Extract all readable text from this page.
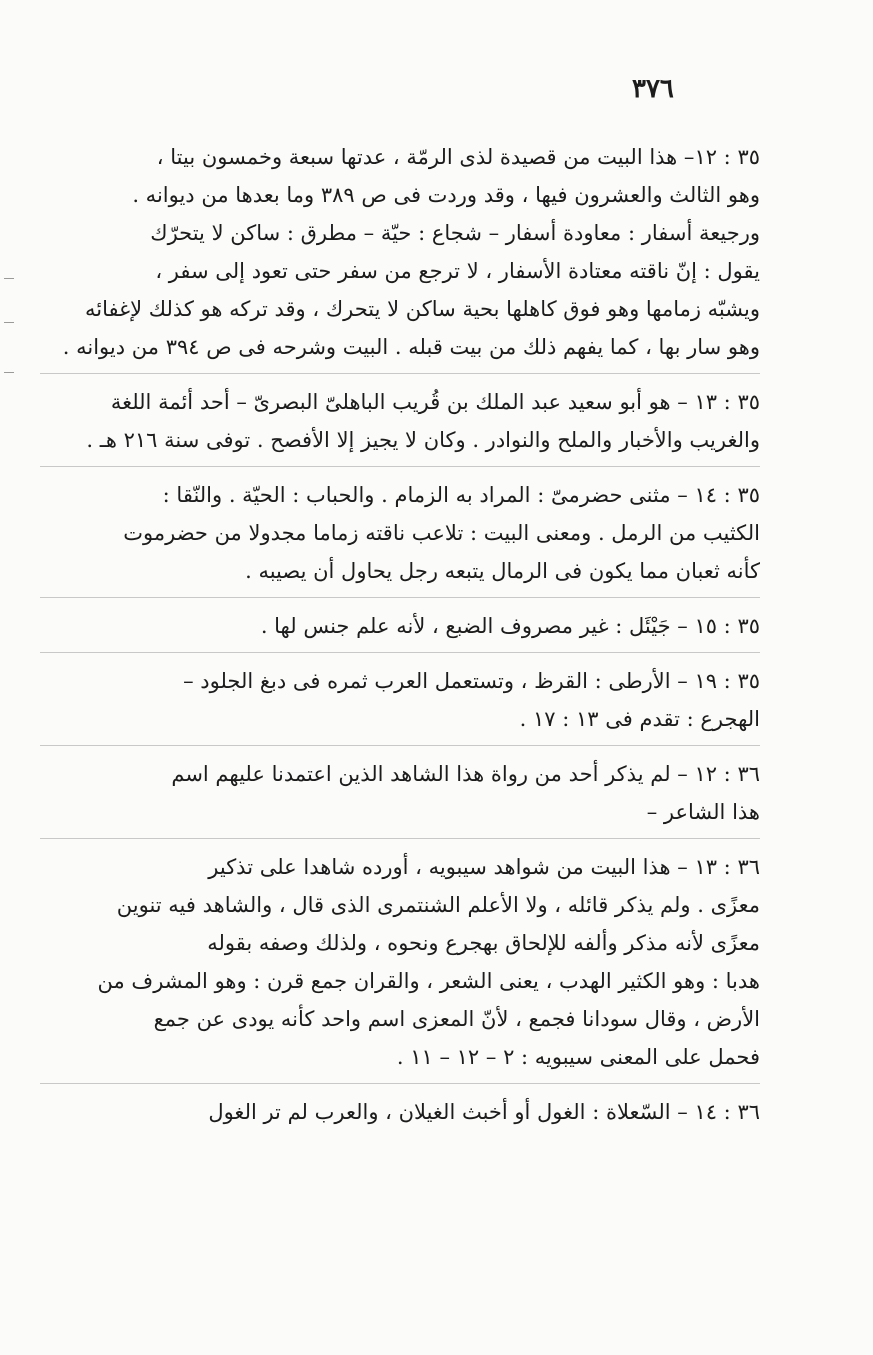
٣٧٦
٣٥ : ١٢– هذا البيت من قصيدة لذى الرمّة ، عدتها سبعة وخمسون بيتا ،
وهو الثالث والعشرون فيها ، وقد وردت فى ص ٣٨٩ وما بعدها من ديوانه .
ورجيعة أسفار : معاودة أسفار – شجاع : حيّة – مطرق : ساكن لا يتحرّك
يقول : إنّ ناقته معتادة الأسفار ، لا ترجع من سفر حتى تعود إلى سفر ،
ويشبّه زمامها وهو فوق كاهلها بحية ساكن لا يتحرك ، وقد تركه هو كذلك لإغفائه
وهو سار بها ، كما يفهم ذلك من بيت قبله . البيت وشرحه فى ص ٣٩٤ من ديوانه .
٣٥ : ١٣ – هو أبو سعيد عبد الملك بن قُريب الباهلىّ البصرىّ – أحد أئمة اللغة
والغريب والأخبار والملح والنوادر . وكان لا يجيز إلا الأفصح . توفى سنة ٢١٦ هـ .
٣٥ : ١٤ – مثنى حضرمىّ : المراد به الزمام . والحباب : الحيّة . والنّقا :
الكثيب من الرمل . ومعنى البيت : تلاعب ناقته زماما مجدولا من حضرموت
كأنه ثعبان مما يكون فى الرمال يتبعه رجل يحاول أن يصيبه .
٣٥ : ١٥ – جَيْئَل : غير مصروف الضبع ، لأنه علم جنس لها .
٣٥ : ١٩ – الأرطى : القرظ ، وتستعمل العرب ثمره فى دبغ الجلود –
الهجرع : تقدم فى ١٣ : ١٧ .
٣٦ : ١٢ – لم يذكر أحد من رواة هذا الشاهد الذين اعتمدنا عليهم اسم
هذا الشاعر –
٣٦ : ١٣ – هذا البيت من شواهد سيبويه ، أورده شاهدا على تذكير
معزًى . ولم يذكر قائله ، ولا الأعلم الشنتمرى الذى قال ، والشاهد فيه تنوين
معزًى لأنه مذكر وألفه للإلحاق بهجرع ونحوه ، ولذلك وصفه بقوله
هدبا : وهو الكثير الهدب ، يعنى الشعر ، والقران جمع قرن : وهو المشرف من
الأرض ، وقال سودانا فجمع ، لأنّ المعزى اسم واحد كأنه يودى عن جمع
فحمل على المعنى سيبويه : ٢ – ١٢ – ١١ .
٣٦ : ١٤ – السّعلاة : الغول أو أخبث الغيلان ، والعرب لم تر الغول
